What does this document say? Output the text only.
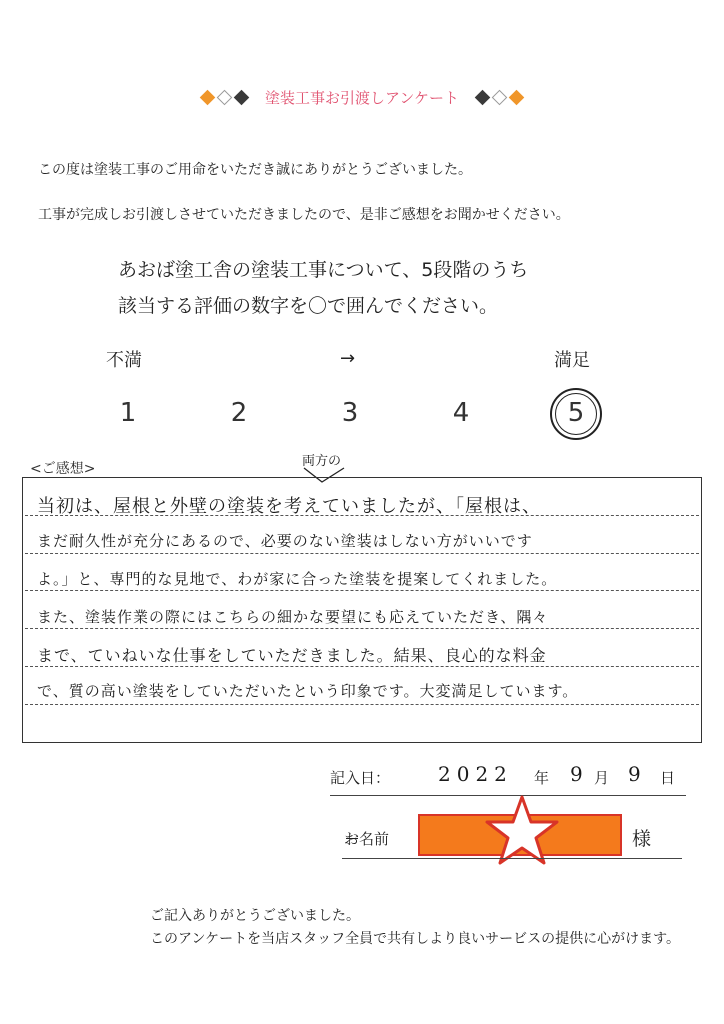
塗装工事お引渡しアンケート
この度は塗装工事のご用命をいただき誠にありがとうございました。
工事が完成しお引渡しさせていただきましたので、是非ご感想をお聞かせください。
あおば塗工舎の塗装工事について、5段階のうち
該当する評価の数字を〇で囲んでください。
不満	→	満足
1	2	3	4	5
<ご感想>	両方の
当初は、屋根と外壁の塗装を考えていましたが、「屋根は、
まだ耐久性が充分にあるので、必要のない塗装はしない方がいいです
よ。」と、専門的な見地で、わが家に合った塗装を提案してくれました。
また、塗装作業の際にはこちらの細かな要望にも応えていただき、隅々
まで、ていねいな仕事をしていただきました。結果、良心的な料金
で、質の高い塗装をしていただいたという印象です。大変満足しています。
記入日： 2022 年 9 月 9 日
お名前	様
ご記入ありがとうございました。
このアンケートを当店スタッフ全員で共有しより良いサービスの提供に心がけます。
